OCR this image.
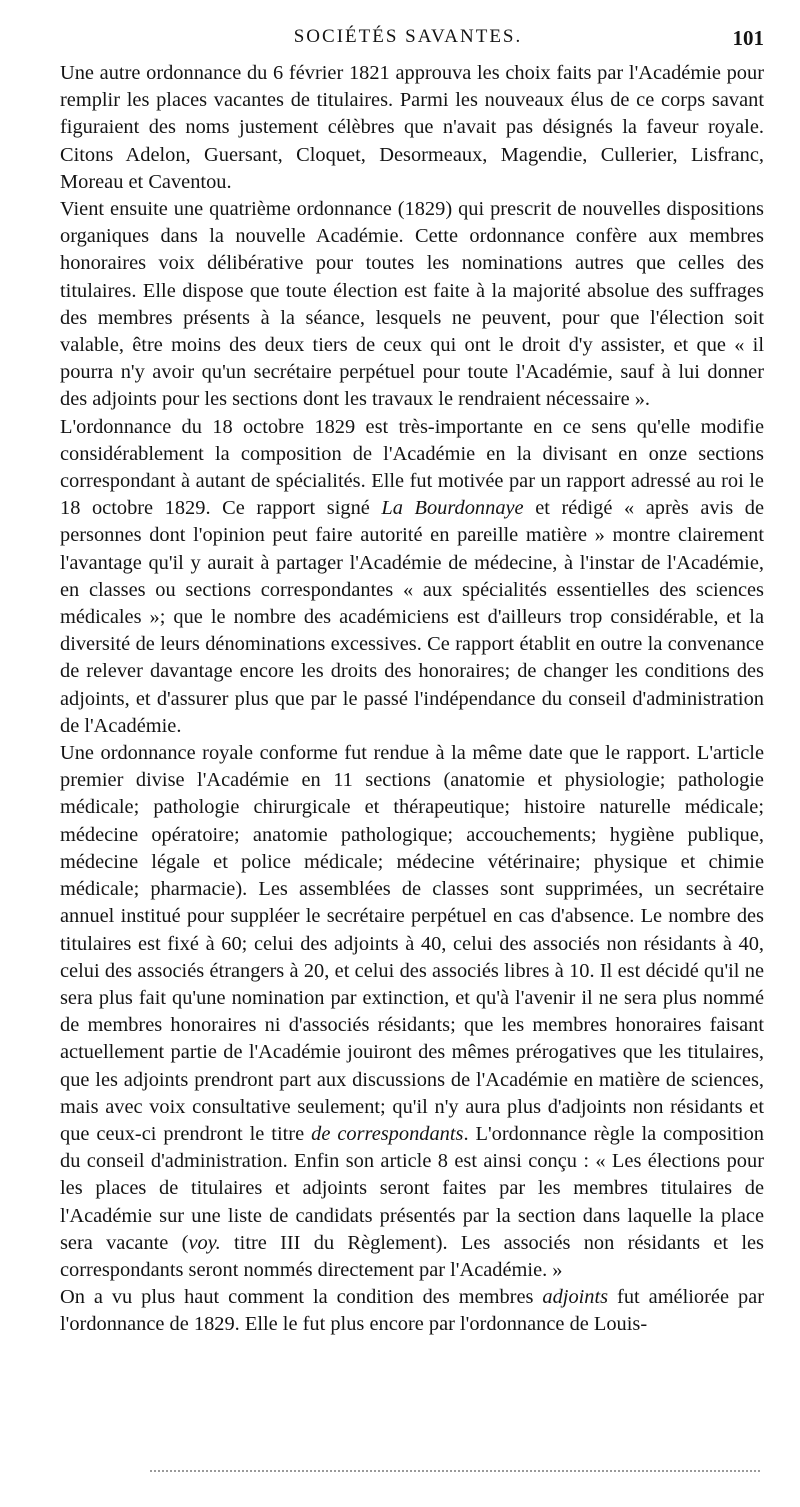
SOCIÉTÉS SAVANTES.	101

Une autre ordonnance du 6 février 1821 approuva les choix faits par l'Académie pour remplir les places vacantes de titulaires. Parmi les nouveaux élus de ce corps savant figuraient des noms justement célèbres que n'avait pas désignés la faveur royale. Citons Adelon, Guersant, Cloquet, Desormeaux, Magendie, Cullerier, Lisfranc, Moreau et Caventou.

Vient ensuite une quatrième ordonnance (1829) qui prescrit de nouvelles dispositions organiques dans la nouvelle Académie. Cette ordonnance confère aux membres honoraires voix délibérative pour toutes les nominations autres que celles des titulaires. Elle dispose que toute élection est faite à la majorité absolue des suffrages des membres présents à la séance, lesquels ne peuvent, pour que l'élection soit valable, être moins des deux tiers de ceux qui ont le droit d'y assister, et que « il pourra n'y avoir qu'un secrétaire perpétuel pour toute l'Académie, sauf à lui donner des adjoints pour les sections dont les travaux le rendraient nécessaire ».

L'ordonnance du 18 octobre 1829 est très-importante en ce sens qu'elle modifie considérablement la composition de l'Académie en la divisant en onze sections correspondant à autant de spécialités. Elle fut motivée par un rapport adressé au roi le 18 octobre 1829. Ce rapport signé La Bourdonnaye et rédigé « après avis de personnes dont l'opinion peut faire autorité en pareille matière » montre clairement l'avantage qu'il y aurait à partager l'Académie de médecine, à l'instar de l'Académie, en classes ou sections correspondantes « aux spécialités essentielles des sciences médicales »; que le nombre des académiciens est d'ailleurs trop considérable, et la diversité de leurs dénominations excessives. Ce rapport établit en outre la convenance de relever davantage encore les droits des honoraires; de changer les conditions des adjoints, et d'assurer plus que par le passé l'indépendance du conseil d'administration de l'Académie.

Une ordonnance royale conforme fut rendue à la même date que le rapport. L'article premier divise l'Académie en 11 sections (anatomie et physiologie; pathologie médicale; pathologie chirurgicale et thérapeutique; histoire naturelle médicale; médecine opératoire; anatomie pathologique; accouchements; hygiène publique, médecine légale et police médicale; médecine vétérinaire; physique et chimie médicale; pharmacie). Les assemblées de classes sont supprimées, un secrétaire annuel institué pour suppléer le secrétaire perpétuel en cas d'absence. Le nombre des titulaires est fixé à 60; celui des adjoints à 40, celui des associés non résidants à 40, celui des associés étrangers à 20, et celui des associés libres à 10. Il est décidé qu'il ne sera plus fait qu'une nomination par extinction, et qu'à l'avenir il ne sera plus nommé de membres honoraires ni d'associés résidants; que les membres honoraires faisant actuellement partie de l'Académie jouiront des mêmes prérogatives que les titulaires, que les adjoints prendront part aux discussions de l'Académie en matière de sciences, mais avec voix consultative seulement; qu'il n'y aura plus d'adjoints non résidants et que ceux-ci prendront le titre de correspondants. L'ordonnance règle la composition du conseil d'administration. Enfin son article 8 est ainsi conçu : « Les élections pour les places de titulaires et adjoints seront faites par les membres titulaires de l'Académie sur une liste de candidats présentés par la section dans laquelle la place sera vacante (voy. titre III du Règlement). Les associés non résidants et les correspondants seront nommés directement par l'Académie. »

On a vu plus haut comment la condition des membres adjoints fut améliorée par l'ordonnance de 1829. Elle le fut plus encore par l'ordonnance de Louis-
